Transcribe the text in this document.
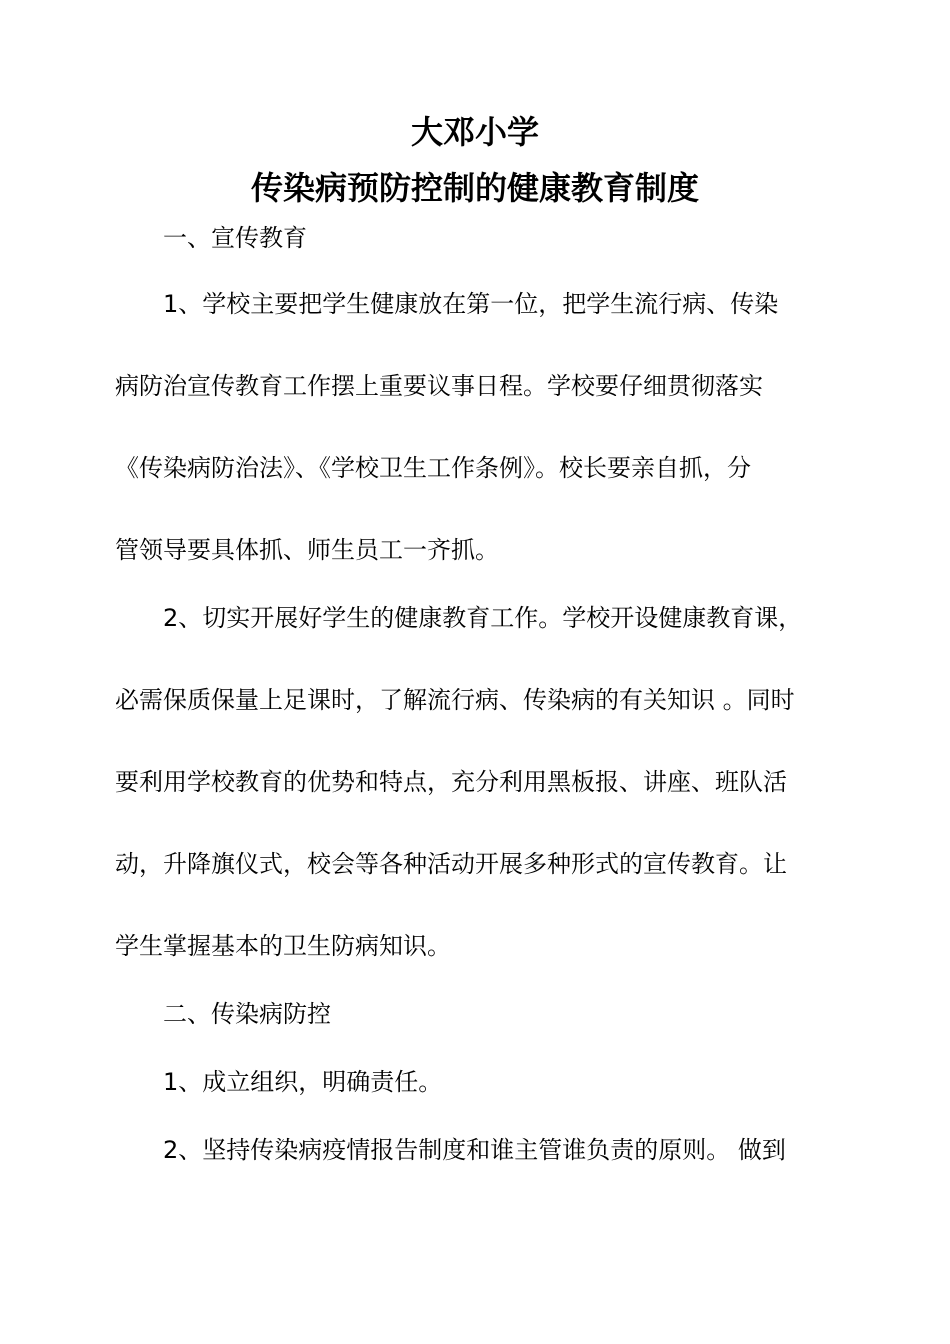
大邓小学
传染病预防控制的健康教育制度
一、宣传教育
1、学校主要把学生健康放在第一位，把学生流行病、传染
病防治宣传教育工作摆上重要议事日程。学校要仔细贯彻落实
《传染病防治法》、《学校卫生工作条例》。校长要亲自抓，分
管领导要具体抓、师生员工一齐抓。
2、切实开展好学生的健康教育工作。学校开设健康教育课，
必需保质保量上足课时，了解流行病、传染病的有关知识 。同时
要利用学校教育的优势和特点，充分利用黑板报、讲座、班队活
动，升降旗仪式，校会等各种活动开展多种形式的宣传教育。让
学生掌握基本的卫生防病知识。
二、传染病防控
1、成立组织，明确责任。
2、坚持传染病疫情报告制度和谁主管谁负责的原则。 做到
